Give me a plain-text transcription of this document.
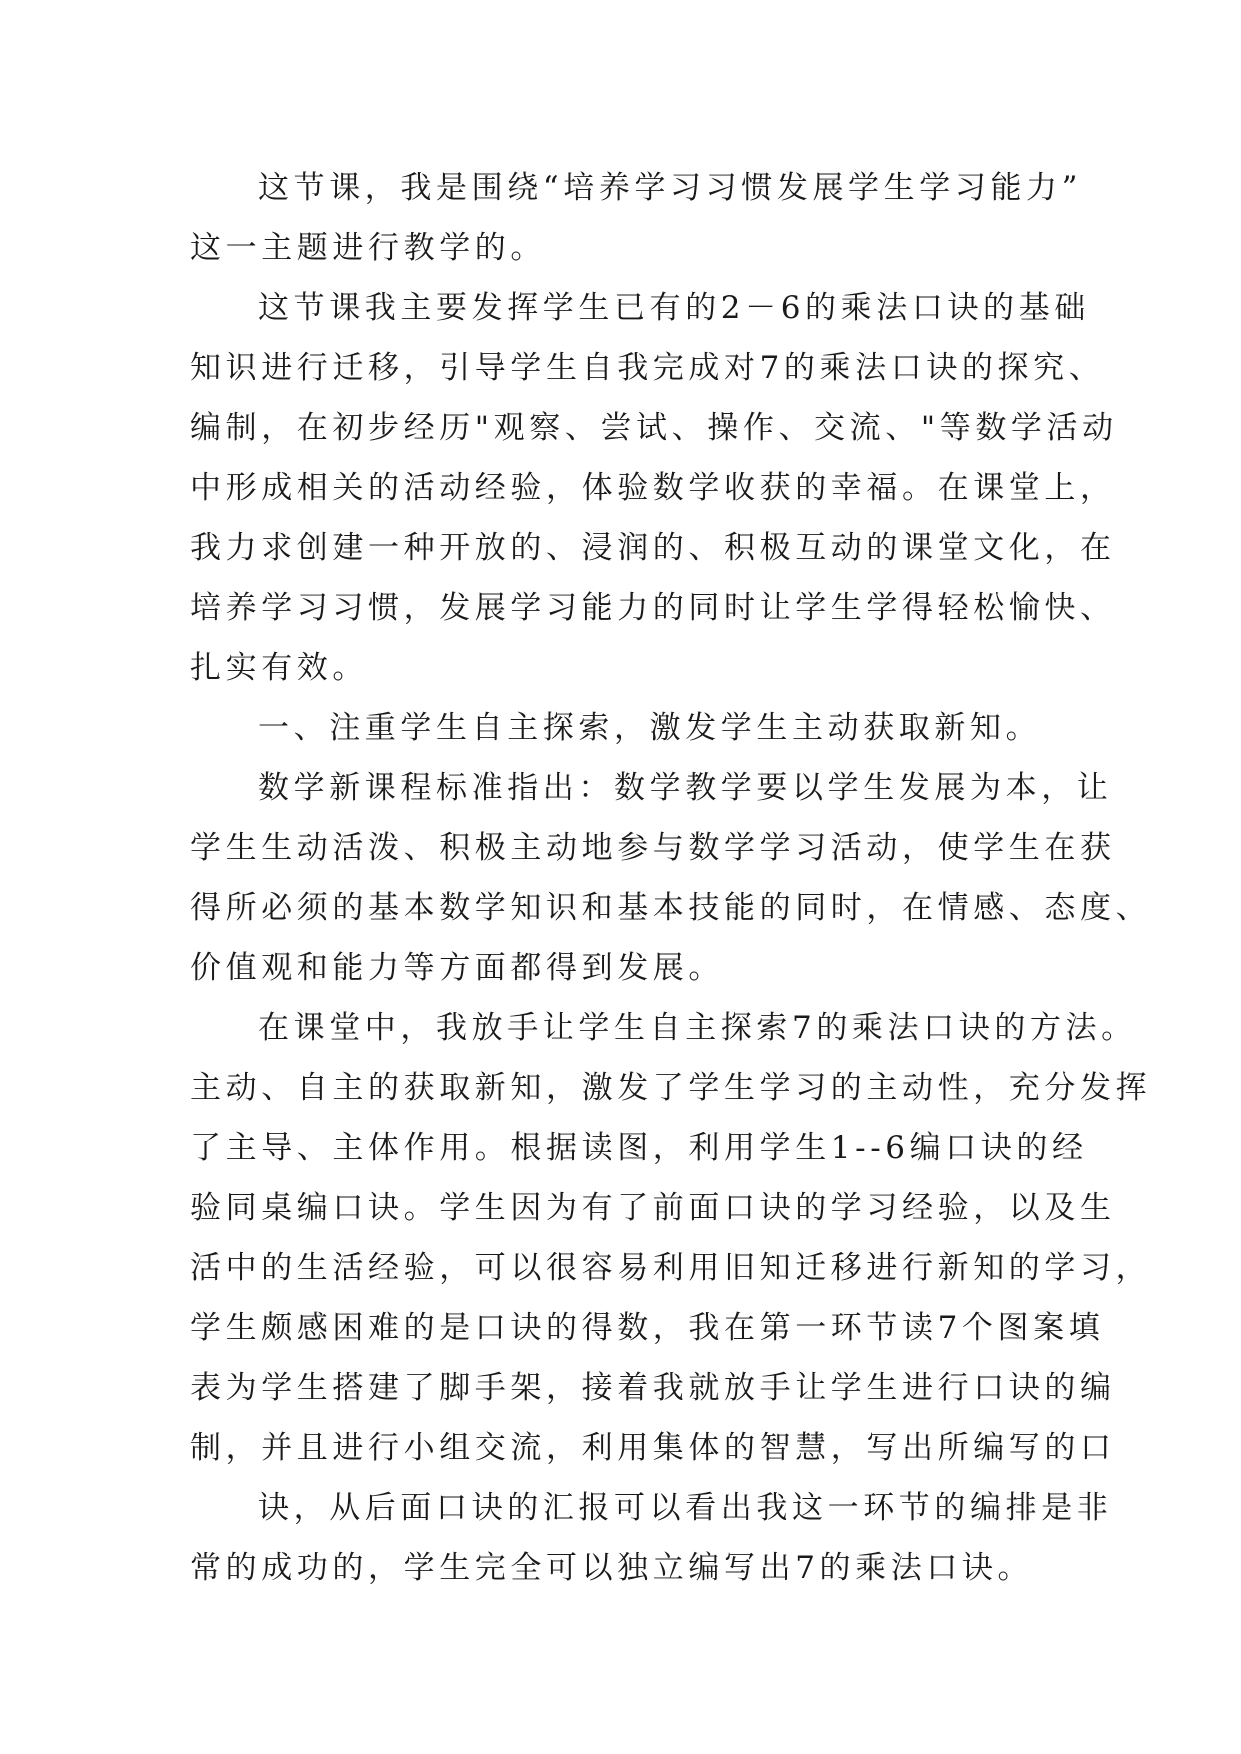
这节课，我是围绕“培养学习习惯发展学生学习能力”
这一主题进行教学的。
这节课我主要发挥学生已有的2－6的乘法口诀的基础
知识进行迁移，引导学生自我完成对7的乘法口诀的探究、
编制，在初步经历"观察、尝试、操作、交流、"等数学活动
中形成相关的活动经验，体验数学收获的幸福。在课堂上，
我力求创建一种开放的、浸润的、积极互动的课堂文化，在
培养学习习惯，发展学习能力的同时让学生学得轻松愉快、
扎实有效。
一、注重学生自主探索，激发学生主动获取新知。
数学新课程标准指出：数学教学要以学生发展为本，让
学生生动活泼、积极主动地参与数学学习活动，使学生在获
得所必须的基本数学知识和基本技能的同时，在情感、态度、
价值观和能力等方面都得到发展。
在课堂中，我放手让学生自主探索7的乘法口诀的方法。
主动、自主的获取新知，激发了学生学习的主动性，充分发挥
了主导、主体作用。根据读图，利用学生1--6编口诀的经
验同桌编口诀。学生因为有了前面口诀的学习经验，以及生
活中的生活经验，可以很容易利用旧知迁移进行新知的学习，
学生颇感困难的是口诀的得数，我在第一环节读7个图案填
表为学生搭建了脚手架，接着我就放手让学生进行口诀的编
制，并且进行小组交流，利用集体的智慧，写出所编写的口
诀，从后面口诀的汇报可以看出我这一环节的编排是非
常的成功的，学生完全可以独立编写出7的乘法口诀。
